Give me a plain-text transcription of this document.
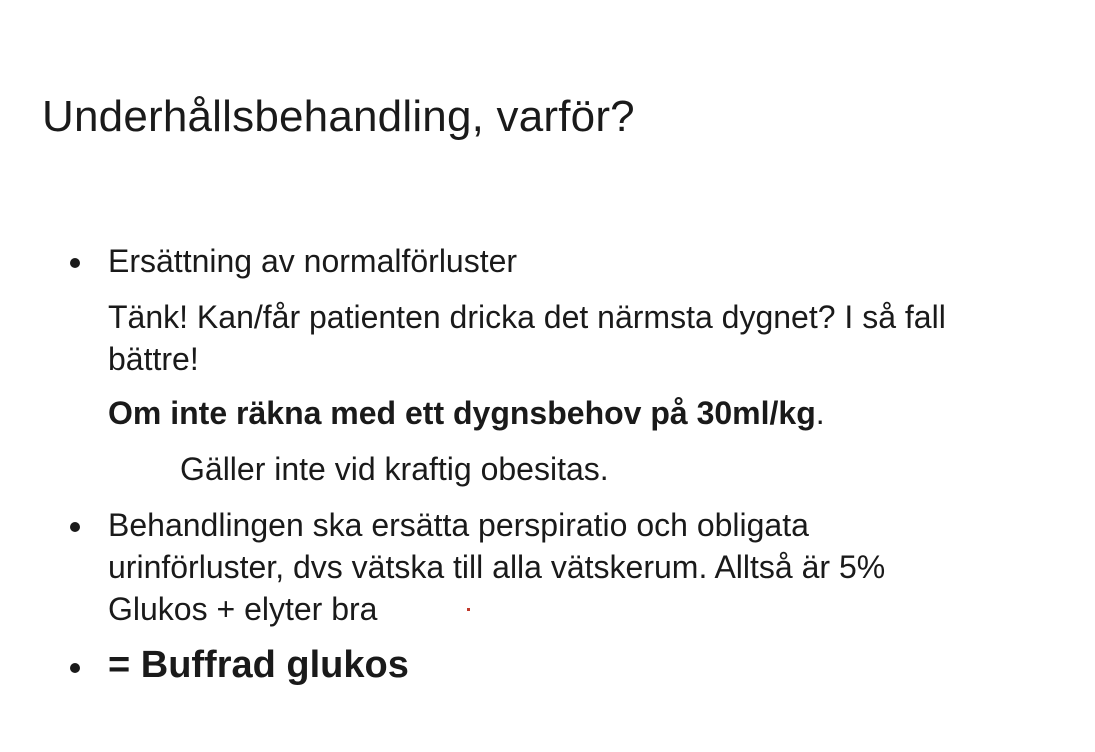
Underhållsbehandling, varför?
Ersättning av normalförluster
Tänk! Kan/får patienten dricka det närmsta dygnet? I så fall
bättre!
Om inte räkna med ett dygnsbehov på 30ml/kg.
Gäller inte vid kraftig obesitas.
Behandlingen ska ersätta perspiratio och obligata
urinförluster, dvs vätska till alla vätskerum. Alltså är 5%
Glukos + elyter bra
= Buffrad glukos
